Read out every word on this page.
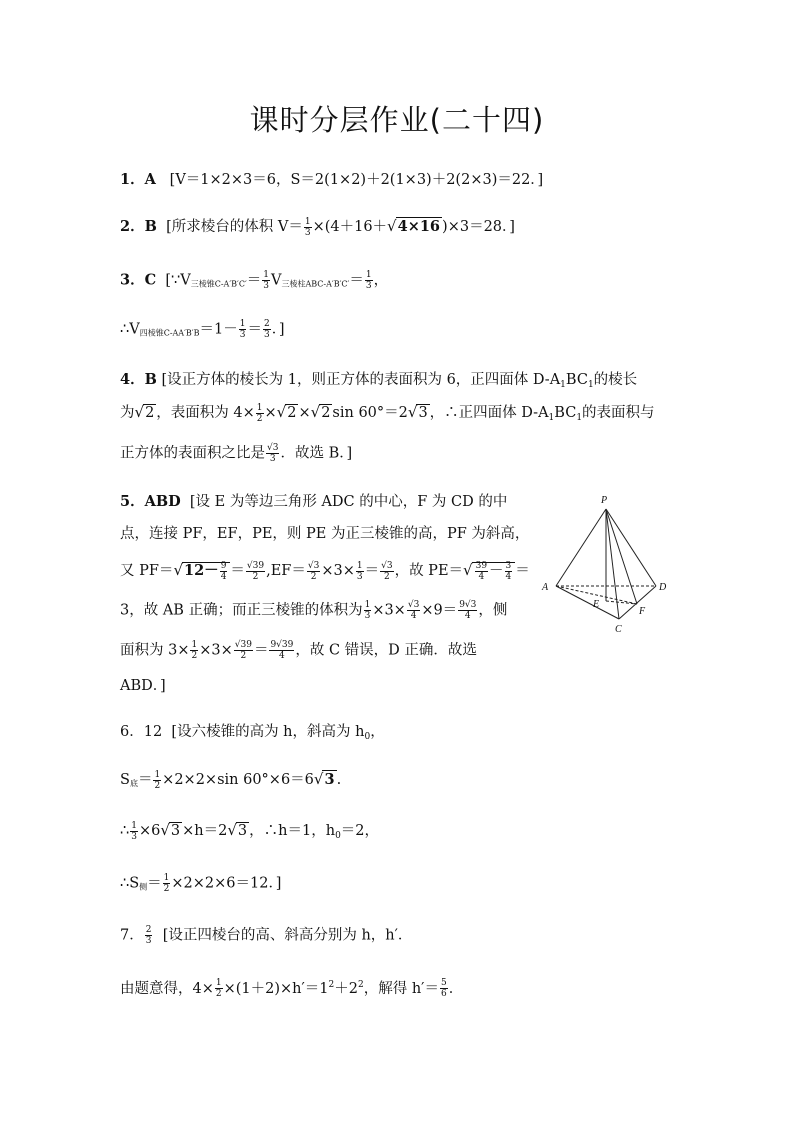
课时分层作业(二十四)
1．A [V＝1×2×3＝6，S＝2(1×2)＋2(1×3)＋2(2×3)＝22．]
2．B [所求棱台的体积 $V= \frac{1}{3} \times(4+16+√4\times 16$ )×3＝28．]
3．C [∵V三棱锥$C-A'B'C'= \frac{1}{3}$ V三棱柱$ABC-A'B'C'= \frac{1}{3}$ ，
∴V四棱锥$C-AA'B'B=1- \frac{1}{3} = \frac{2}{3}$ ．]
4．B [设正方体的棱长为 1，则正方体的表面积为 6，正四面体 $D-A_1BC_1$的棱长
为√2 ，表面积为 $4\times \frac{1}{2} \times√2 \times√2$ sin 60°＝2√3 ，∴正四面体 $D-A_1BC_1$的表面积与
正方体的表面积之比是 $\frac{√3}{3}$ ．故选 B．]
5．ABD [设 E 为等边三角形 ADC 的中心，F 为 CD 的中
点，连接 PF，EF，PE，则 PE 为正三棱锥的高，PF 为斜高，
又 $PF=√12- \frac{9}{4} = \frac{√39}{2} ,EF= \frac{√3}{2} \times 3\times \frac{1}{3} = \frac{√3}{2}$ ，故 $PE=√ \frac{39}{4} - \frac{3}{4}$ ＝
3，故 AB 正确；而正三棱锥的体积为 $\frac{1}{3} \times 3\times \frac{√3}{4} \times 9= \frac{9√3}{4}$ ，侧
面积为 $3\times \frac{1}{2} \times 3\times \frac{√39}{2} = \frac{9√39}{4}$ ，故 C 错误，D 正确．故选
ABD．]
P
A	D
E
F
C
6．12 [设六棱锥的高为 h，斜高为 $h_0$，
S底＝ $\frac{1}{2} \times 2\times 2\times\sin$ 60°×6＝6√3 .
∴ $\frac{1}{3} \times 6√3 \times h=2√3$ ，∴h＝1，$h_0=2$，
∴S侧＝ $\frac{1}{2} \times 2\times 2\times 6=12$．]
7． $\frac{2}{3}$ [设正四棱台的高、斜高分别为 h，h′．
由题意得，$4\times \frac{1}{2} \times(1+2)\times h'=1^2+2^2$，解得 $h'= \frac{5}{6}$ ．
